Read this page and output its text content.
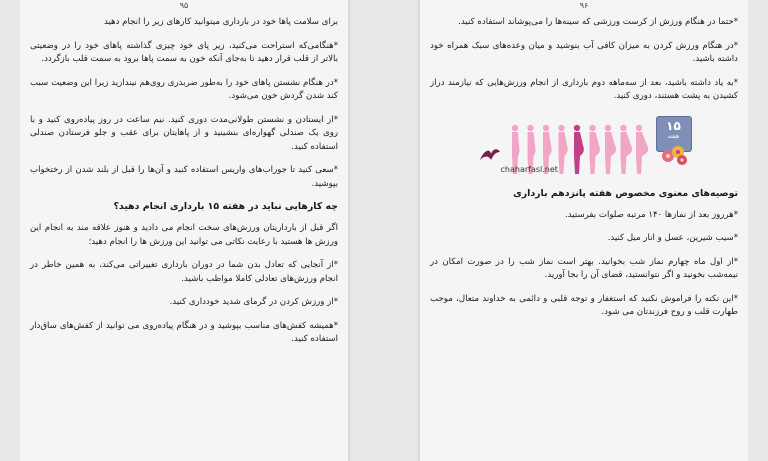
۹۵

برای سلامت پاها خود در بارداری میتوانید کارهای زیر را انجام دهید

*هنگامی‌که استراحت می‌کنید، زیر پای خود چیزی گذاشته پاهای خود را در وضعیتی بالاتر از قلب قرار دهید تا به‌جای آنکه خون به سمت پاها برود به سمت قلب بازگردد.

*در هنگام نشستن پاهای خود را به‌طور ضربدری روی‌هم نیندازید زیرا این وضعیت سبب کند شدن گردش خون می‌شود.

*از ایستادن و نشستن طولانی‌مدت دوری کنید. نیم ساعت در روز پیاده‌روی کنید و با روی یک صندلی گهواره‌ای بنشینید و از پاهایتان برای عقب و جلو فرستادن صندلی استفاده کنید.

*سعی کنید تا جوراب‌های واریس استفاده کنید و آن‌ها را قبل از بلند شدن از رختخواب بپوشید.

چه کارهایی نباید در هفته ۱۵ بارداری انجام دهید؟

اگر قبل از بارداریتان ورزش‌های سخت انجام می دادید و هنوز علاقه مند به انجام این ورزش ها هستید با رعایت نکاتی می توانید این ورزش ها را انجام دهید؛

*از آنجایی که تعادل بدن شما در دوران بارداری تغییراتی می‌کند، به همین خاطر در انجام ورزش‌های تعادلی کاملا مواظب باشید.

*از ورزش کردن در گرمای شدید خودداری کنید.

*همیشه کفش‌های مناسب بپوشید و در هنگام پیاده‌روی می توانید از کفش‌های ساق‌دار استفاده کنید.

۹۶

*حتما در هنگام ورزش از کرست ورزشی که سینه‌ها را می‌پوشاند استفاده کنید.

*در هنگام ورزش کردن به میزان کافی آب بنوشید و میان وعده‌های سبک همراه خود داشته باشید.

*به یاد داشته باشید، بعد از سه‌ماهه دوم بارداری از انجام ورزش‌هایی که نیازمند دراز کشیدن به پشت هستند، دوری کنید.

۱۵
هفته
chaharfasl.net

توصیه‌های معنوی مخصوص هفته پانزدهم بارداری

*هرروز بعد از نمازها ۱۴۰ مرتبه صلوات بفرستید.

*سیب شیرین، عسل و انار میل کنید.

*از اول ماه چهارم نماز شب بخوانید. بهتر است نماز شب را در صورت امکان در نیمه‌شب بخونید و اگر نتوانستید، قضای آن را بجا آورید.

*این نکته را فراموش نکنید که استغفار و توجه قلبی و دائمی به خداوند متعال، موجب طهارت قلب و روح فرزندتان می شود.
